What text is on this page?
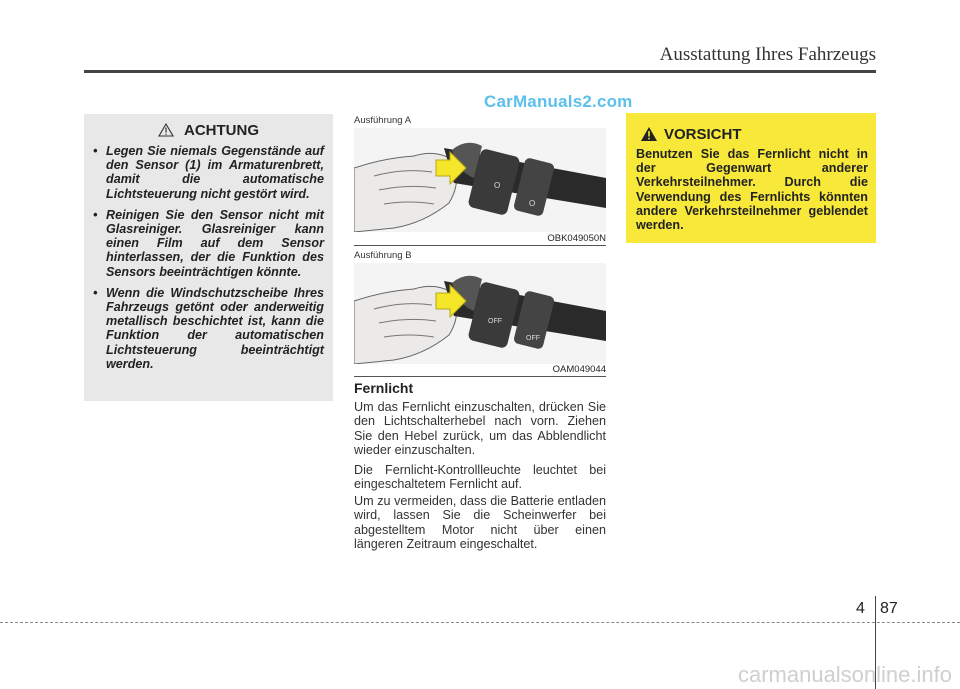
Ausstattung Ihres Fahrzeugs
CarManuals2.com
ACHTUNG
• Legen Sie niemals Gegenstände auf den Sensor (1) im Armaturenbrett, damit die automatische Lichtsteuerung nicht gestört wird.
• Reinigen Sie den Sensor nicht mit Glasreiniger. Glasreiniger kann einen Film auf dem Sensor hinterlassen, der die Funktion des Sensors beeinträchtigen könnte.
• Wenn die Windschutzscheibe Ihres Fahrzeugs getönt oder anderweitig metallisch beschichtet ist, kann die Funktion der automatischen Lichtsteuerung beeinträchtigt werden.
Ausführung A
O
O
OBK049050N
Ausführung B
OFF
OFF
OAM049044
Fernlicht

Um das Fernlicht einzuschalten, drücken Sie den Lichtschalterhebel nach vorn. Ziehen Sie den Hebel zurück, um das Abblendlicht wieder einzuschalten.

Die Fernlicht-Kontrollleuchte leuchtet bei eingeschaltetem Fernlicht auf.

Um zu vermeiden, dass die Batterie entladen wird, lassen Sie die Scheinwerfer bei abgestelltem Motor nicht über einen längeren Zeitraum eingeschaltet.

VORSICHT

Benutzen Sie das Fernlicht nicht in der Gegenwart anderer Verkehrsteilnehmer. Durch die Verwendung des Fernlichts könnten andere Verkehrsteilnehmer geblendet werden.

4 87
carmanualsonline.info
